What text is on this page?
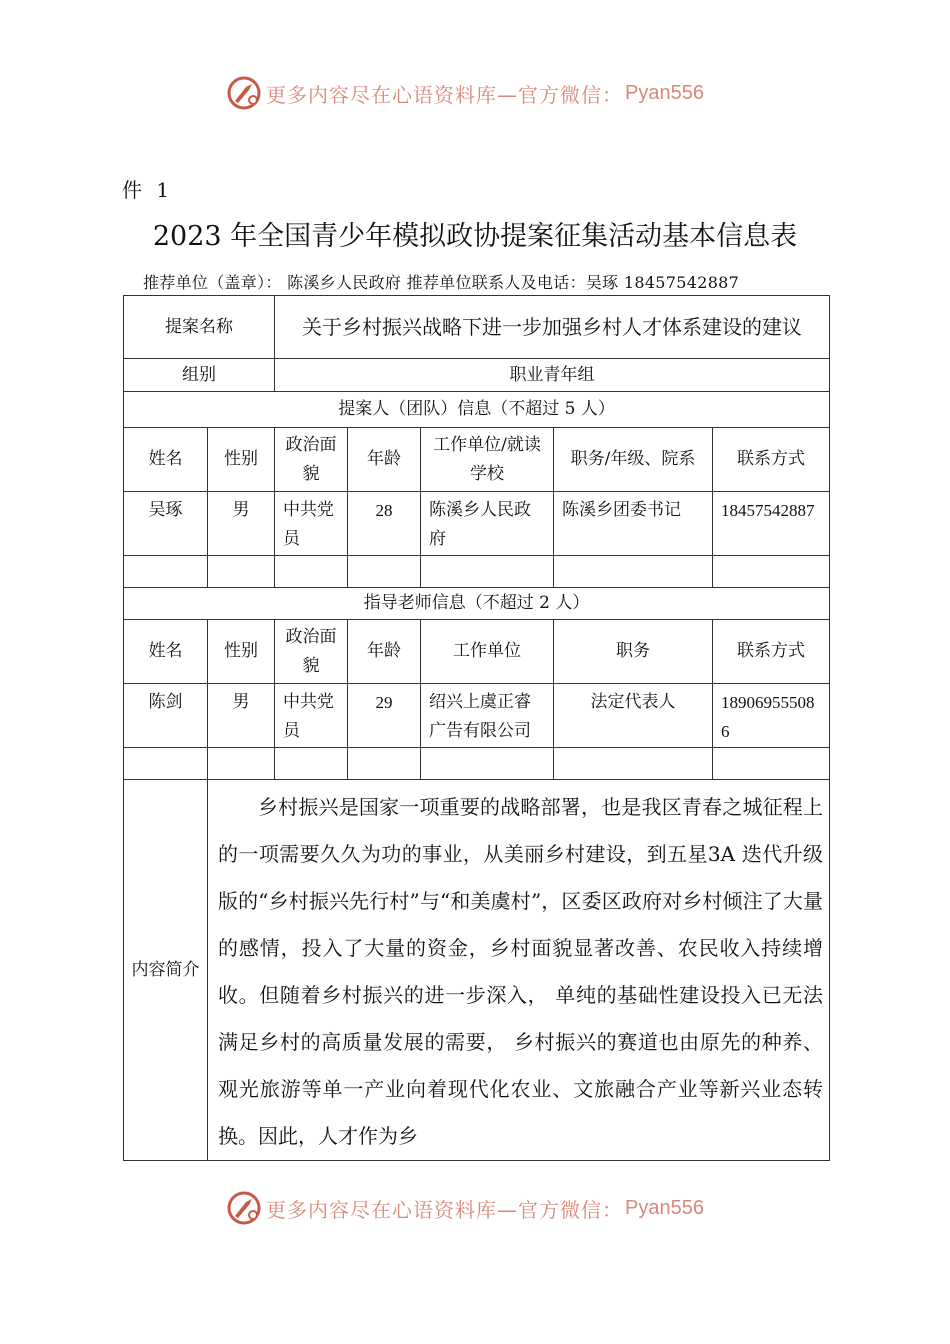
更多内容尽在心语资料库—官方微信： Pyan556
件 1
2023 年全国青少年模拟政协提案征集活动基本信息表
推荐单位（盖章）： 陈溪乡人民政府 推荐单位联系人及电话：吴琢 18457542887
提案名称		关于乡村振兴战略下进一步加强乡村人才体系建设的建议				
组别		职业青年组				
提案人（团队）信息（不超过 5 人）						
姓名	性别	政治面貌	年龄	工作单位/就读学校	职务/年级、院系	联系方式
吴琢	男	中共党员	28	陈溪乡人民政府	陈溪乡团委书记	18457542887

指导老师信息（不超过 2 人）						
姓名	性别	政治面貌	年龄	工作单位	职务	联系方式
陈剑	男	中共党员	29	绍兴上虞正睿广告有限公司	法定代表人	189069555086

内容简介	乡村振兴是国家一项重要的战略部署，也是我区青春之城征程上的一项需要久久为功的事业，从美丽乡村建设，到五星3A 迭代升级版的“乡村振兴先行村”与“和美虞村”，区委区政府对乡村倾注了大量的感情，投入了大量的资金，乡村面貌显著改善、农民收入持续增收。但随着乡村振兴的进一步深入， 单纯的基础性建设投入已无法满足乡村的高质量发展的需要， 乡村振兴的赛道也由原先的种养、观光旅游等单一产业向着现代化农业、文旅融合产业等新兴业态转换。因此，人才作为乡					
更多内容尽在心语资料库—官方微信： Pyan556
